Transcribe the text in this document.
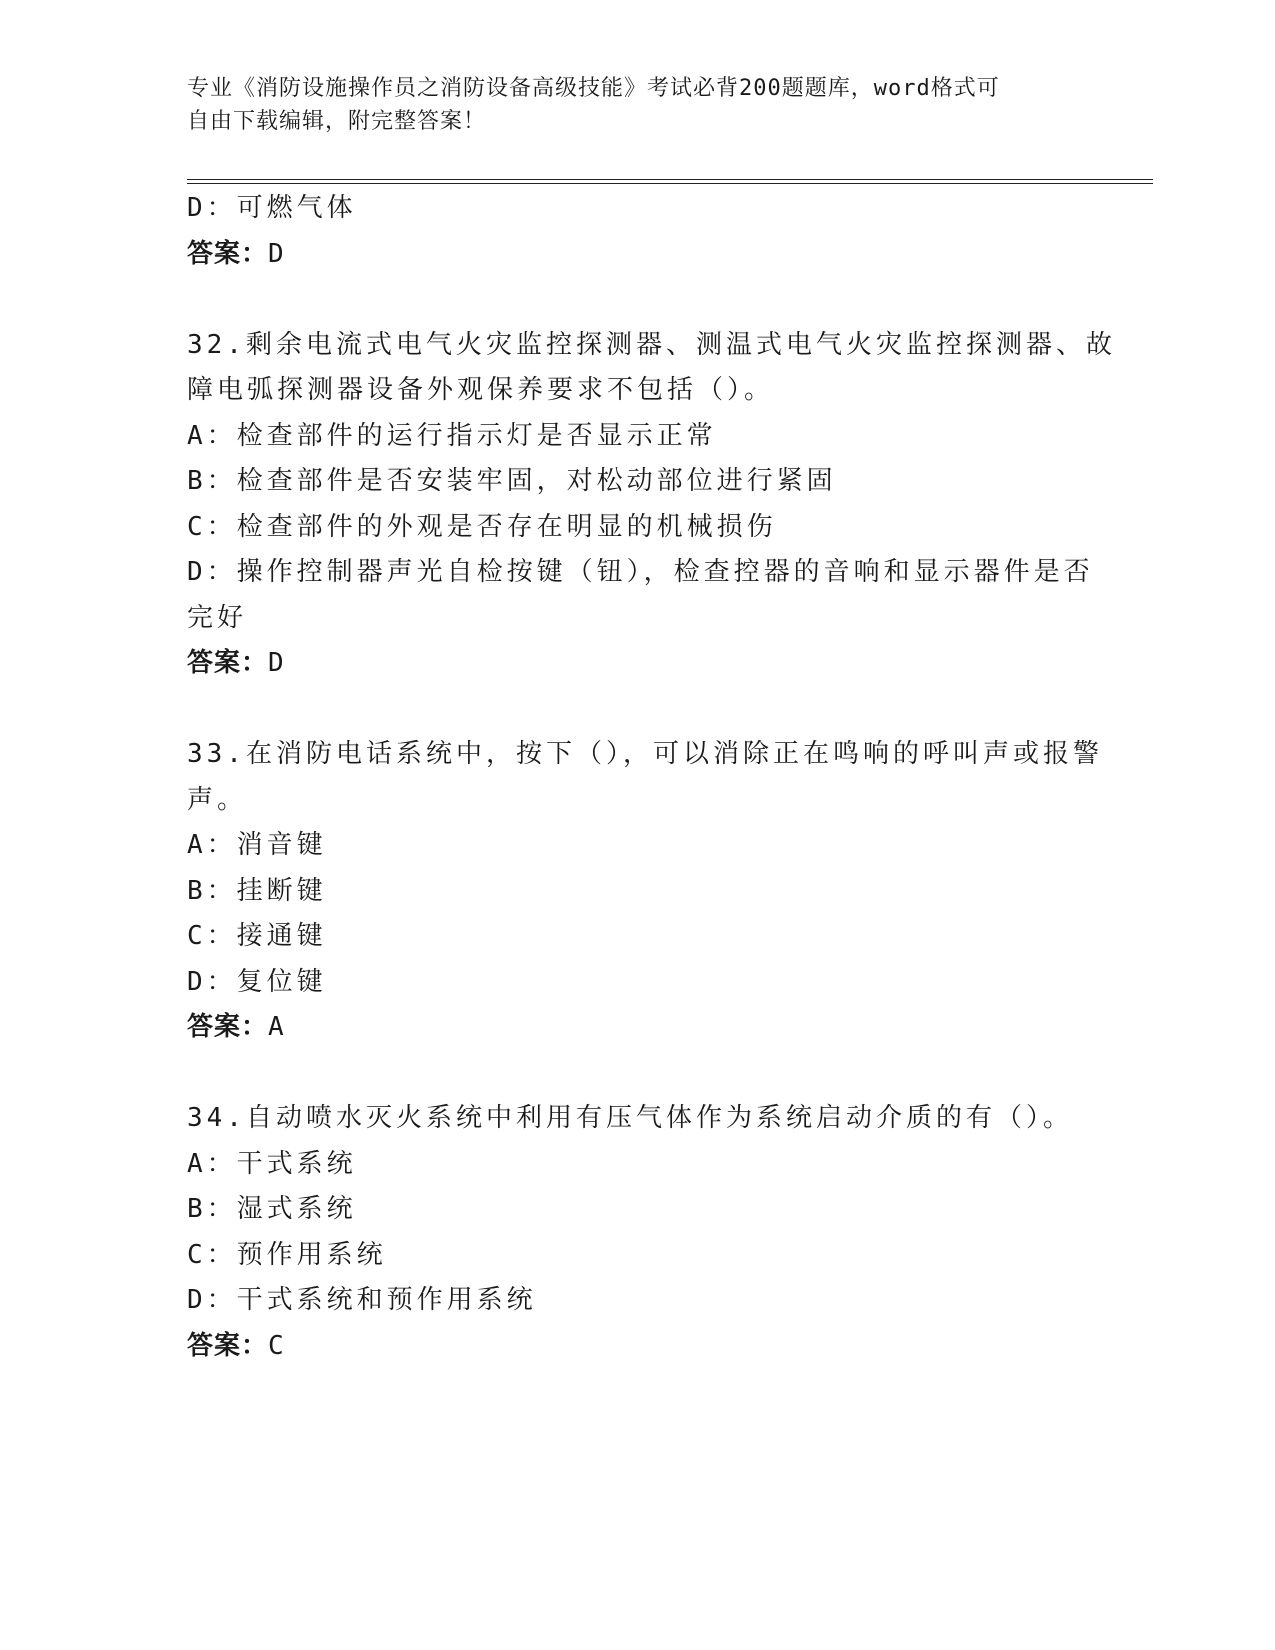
专业《消防设施操作员之消防设备高级技能》考试必背200题题库，word格式可
自由下载编辑，附完整答案！
D：可燃气体
答案：D
32.剩余电流式电气火灾监控探测器、测温式电气火灾监控探测器、故
障电弧探测器设备外观保养要求不包括（）。
A：检查部件的运行指示灯是否显示正常
B：检查部件是否安装牢固，对松动部位进行紧固
C：检查部件的外观是否存在明显的机械损伤
D：操作控制器声光自检按键（钮），检查控器的音响和显示器件是否
完好
答案：D
33.在消防电话系统中，按下（），可以消除正在鸣响的呼叫声或报警
声。
A：消音键
B：挂断键
C：接通键
D：复位键
答案：A
34.自动喷水灭火系统中利用有压气体作为系统启动介质的有（）。
A：干式系统
B：湿式系统
C：预作用系统
D：干式系统和预作用系统
答案：C
